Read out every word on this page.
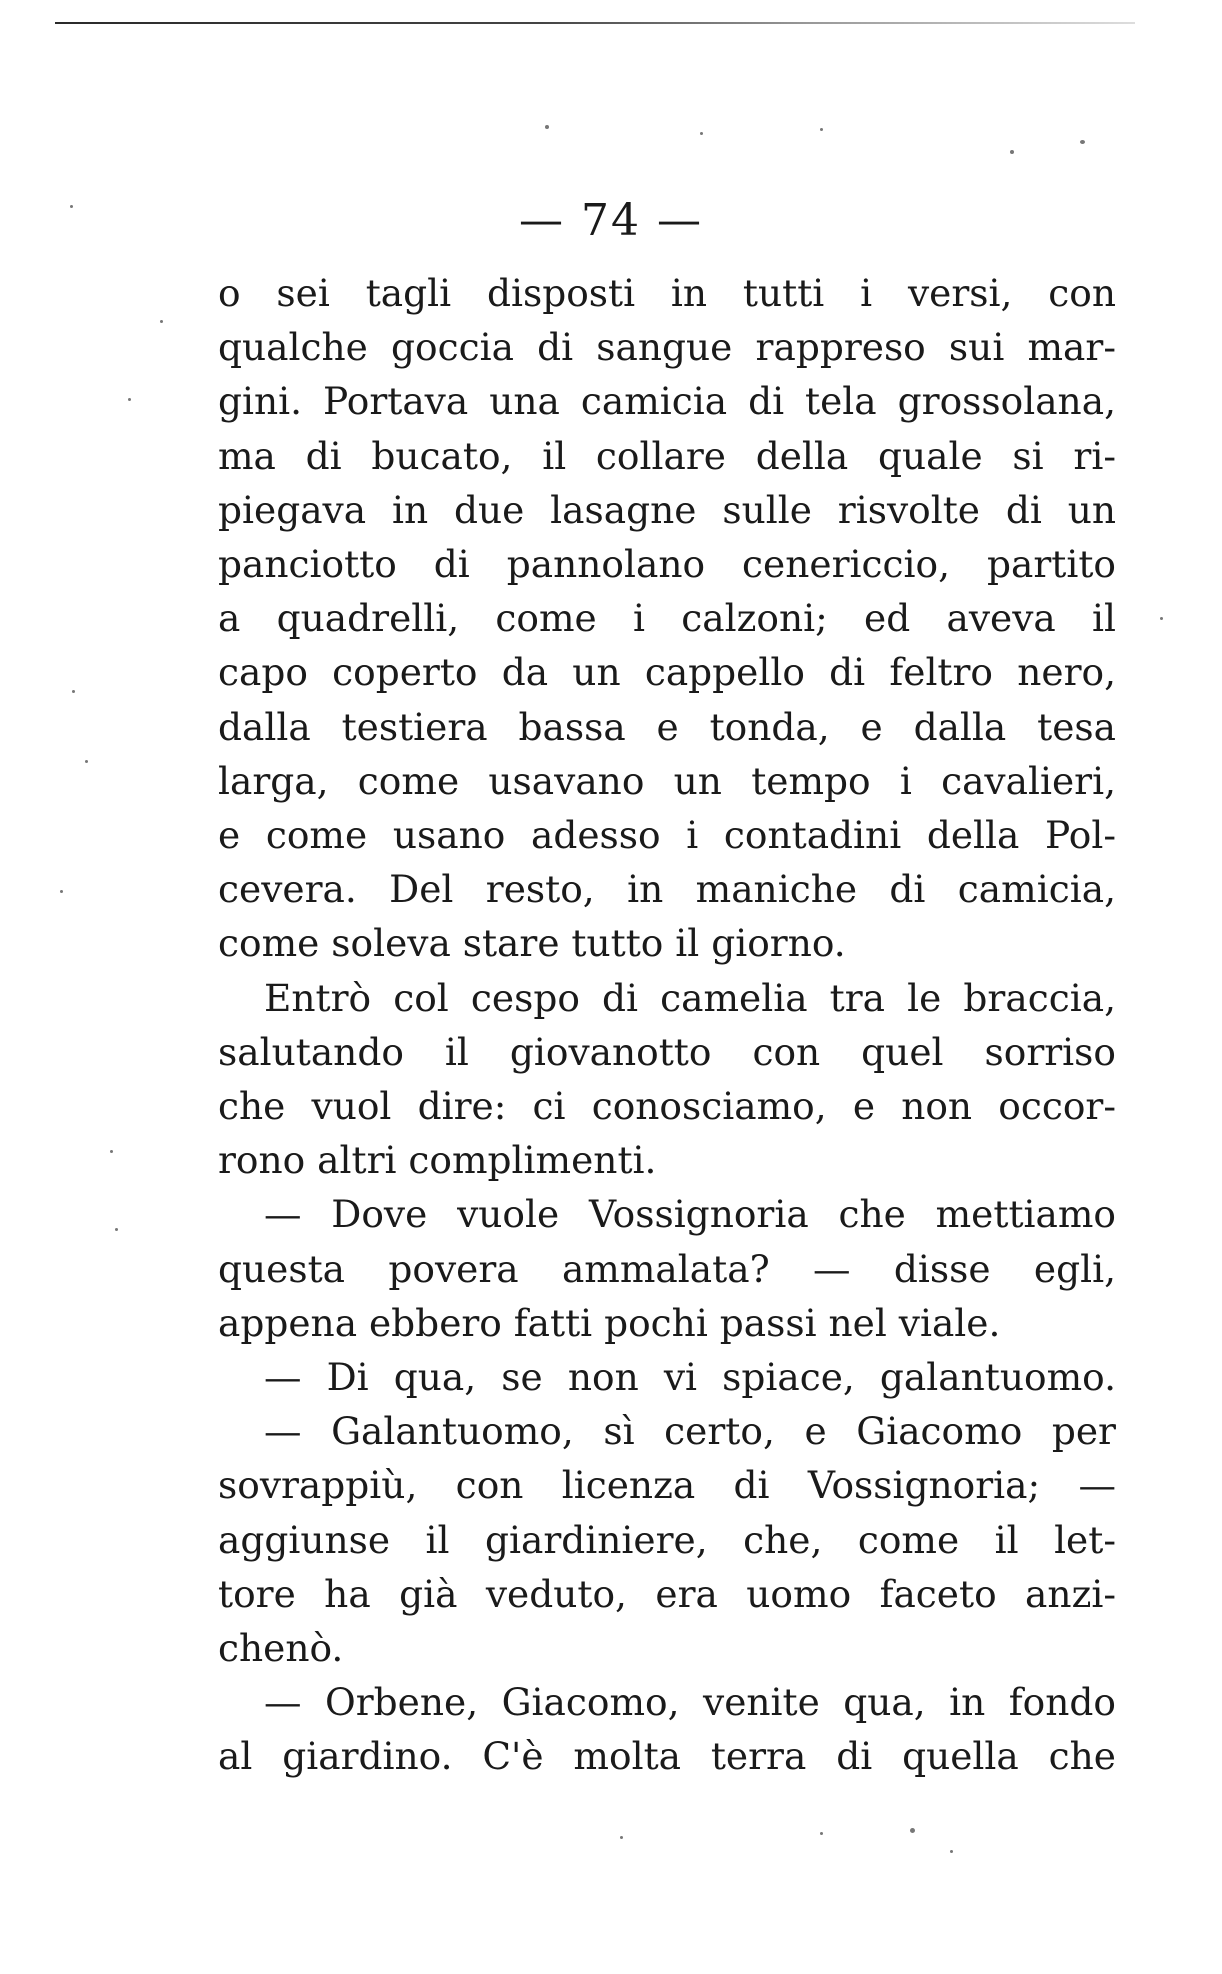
— 74 —
o sei tagli disposti in tutti i versi, con
qualche goccia di sangue rappreso sui mar-
gini. Portava una camicia di tela grossolana,
ma di bucato, il collare della quale si ri-
piegava in due lasagne sulle risvolte di un
panciotto di pannolano cenericcio, partito
a quadrelli, come i calzoni; ed aveva il
capo coperto da un cappello di feltro nero,
dalla testiera bassa e tonda, e dalla tesa
larga, come usavano un tempo i cavalieri,
e come usano adesso i contadini della Pol-
cevera. Del resto, in maniche di camicia,
come soleva stare tutto il giorno.
Entrò col cespo di camelia tra le braccia,
salutando il giovanotto con quel sorriso
che vuol dire: ci conosciamo, e non occor-
rono altri complimenti.
— Dove vuole Vossignoria che mettiamo
questa povera ammalata? — disse egli,
appena ebbero fatti pochi passi nel viale.
— Di qua, se non vi spiace, galantuomo.
— Galantuomo, sì certo, e Giacomo per
sovrappiù, con licenza di Vossignoria; —
aggiunse il giardiniere, che, come il let-
tore ha già veduto, era uomo faceto anzi-
chenò.
— Orbene, Giacomo, venite qua, in fondo
al giardino. C'è molta terra di quella che
